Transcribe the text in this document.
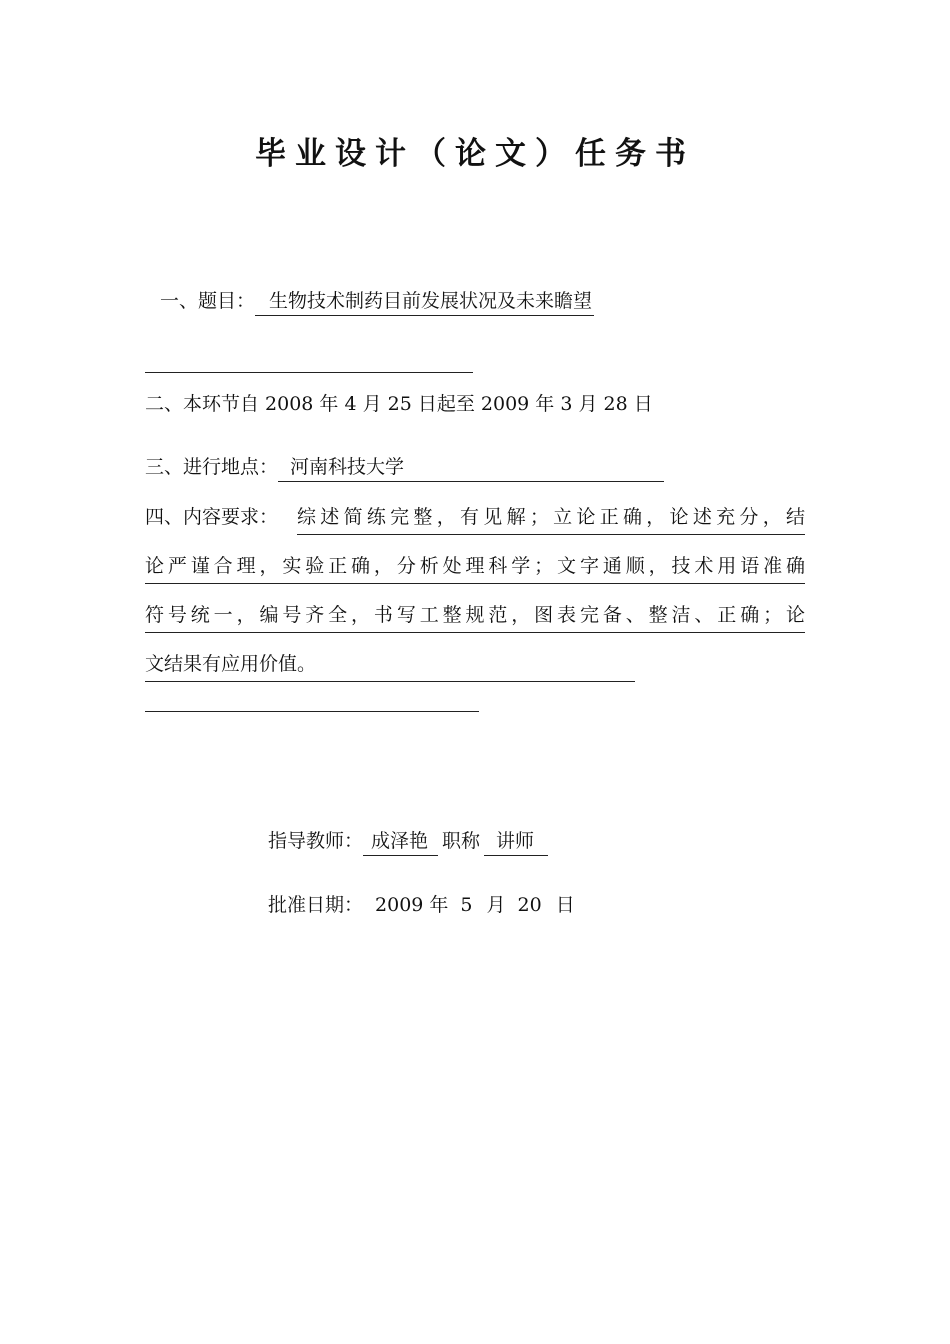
毕业设计（论文）任务书
一、题目： 生物技术制药目前发展状况及未来瞻望
二、本环节自 2008 年 4 月 25 日起至 2009 年 3 月 28 日
三、进行地点： 河南科技大学
四、内容要求： 综述简练完整，有见解；立论正确，论述充分，结
论严谨合理，实验正确，分析处理科学；文字通顺，技术用语准确
符号统一，编号齐全，书写工整规范，图表完备、整洁、正确；论
文结果有应用价值。
指导教师： 成泽艳 职称 讲师
批准日期： 2009 年 5 月 20 日
